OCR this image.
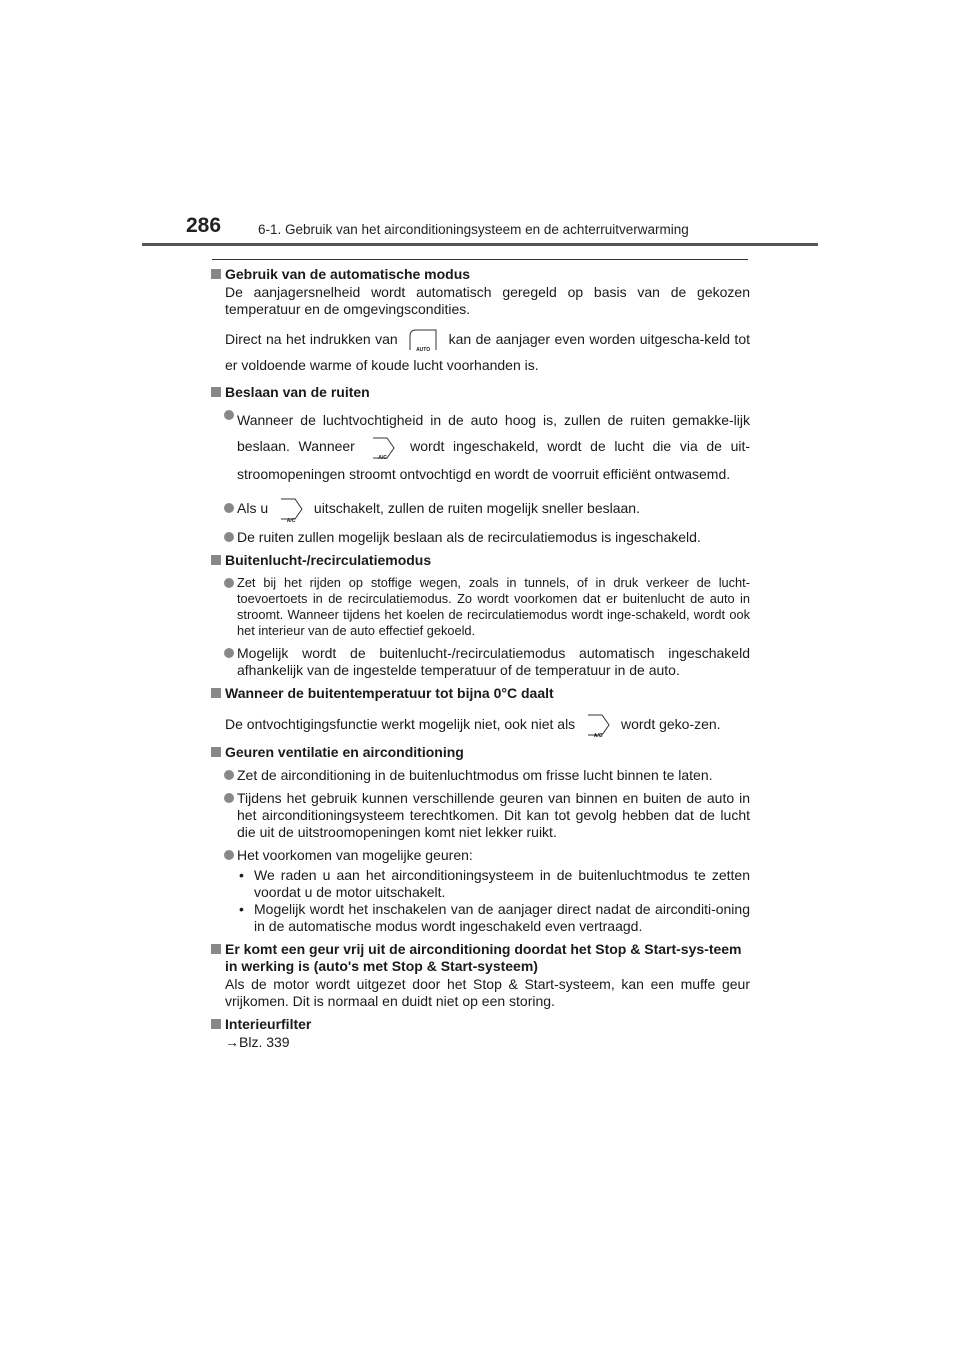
286	6-1. Gebruik van het airconditioningsysteem en de achterruitverwarming
Gebruik van de automatische modus
De aanjagersnelheid wordt automatisch geregeld op basis van de gekozen temperatuur en de omgevingscondities.
Direct na het indrukken van
AUTO
kan de aanjager even worden uitgescha-keld tot er voldoende warme of koude lucht voorhanden is.
Beslaan van de ruiten
Wanneer de luchtvochtigheid in de auto hoog is, zullen de ruiten gemakke-lijk beslaan. Wanneer
A/C
wordt ingeschakeld, wordt de lucht die via de uit-stroomopeningen stroomt ontvochtigd en wordt de voorruit efficiënt ontwasemd.
Als u
A/C
uitschakelt, zullen de ruiten mogelijk sneller beslaan.
De ruiten zullen mogelijk beslaan als de recirculatiemodus is ingeschakeld.
Buitenlucht-/recirculatiemodus
Zet bij het rijden op stoffige wegen, zoals in tunnels, of in druk verkeer de lucht-toevoertoets in de recirculatiemodus. Zo wordt voorkomen dat er buitenlucht de auto in stroomt. Wanneer tijdens het koelen de recirculatiemodus wordt inge-schakeld, wordt ook het interieur van de auto effectief gekoeld.
Mogelijk wordt de buitenlucht-/recirculatiemodus automatisch ingeschakeld afhankelijk van de ingestelde temperatuur of de temperatuur in de auto.
Wanneer de buitentemperatuur tot bijna 0°C daalt
De ontvochtigingsfunctie werkt mogelijk niet, ook niet als
A/C
wordt geko-zen.
Geuren ventilatie en airconditioning
Zet de airconditioning in de buitenluchtmodus om frisse lucht binnen te laten.
Tijdens het gebruik kunnen verschillende geuren van binnen en buiten de auto in het airconditioningsysteem terechtkomen. Dit kan tot gevolg hebben dat de lucht die uit de uitstroomopeningen komt niet lekker ruikt.
Het voorkomen van mogelijke geuren:
• We raden u aan het airconditioningsysteem in de buitenluchtmodus te zetten voordat u de motor uitschakelt.
• Mogelijk wordt het inschakelen van de aanjager direct nadat de airconditi-oning in de automatische modus wordt ingeschakeld even vertraagd.
Er komt een geur vrij uit de airconditioning doordat het Stop & Start-sys-teem in werking is (auto's met Stop & Start-systeem)
Als de motor wordt uitgezet door het Stop & Start-systeem, kan een muffe geur vrijkomen. Dit is normaal en duidt niet op een storing.
Interieurfilter
→Blz. 339
